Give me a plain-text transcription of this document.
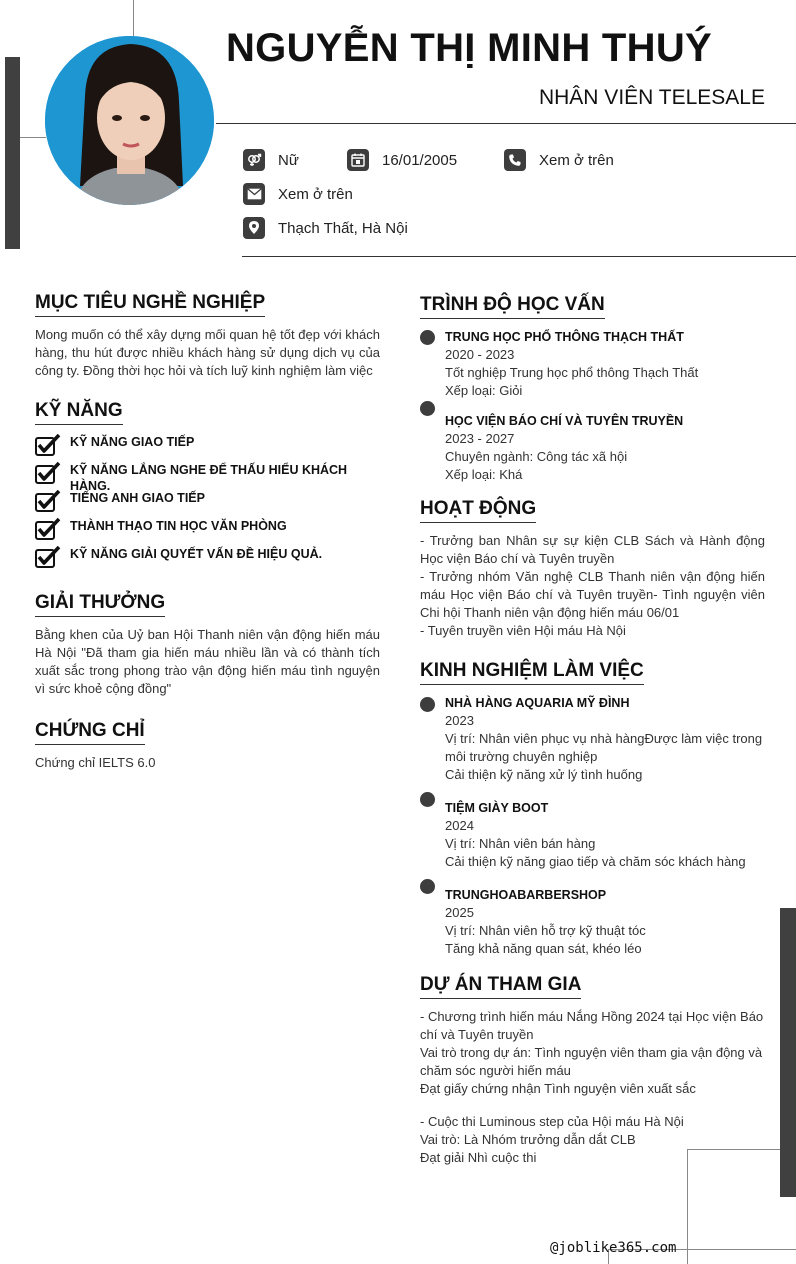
NGUYỄN THỊ MINH THUÝ
NHÂN VIÊN TELESALE
Nữ	16/01/2005	Xem ở trên
Xem ở trên
Thạch Thất, Hà Nội
MỤC TIÊU NGHỀ NGHIỆP
Mong muốn có thể xây dựng mối quan hệ tốt đẹp với khách hàng, thu hút được nhiều khách hàng sử dụng dịch vụ của công ty. Đồng thời học hỏi và tích luỹ kinh nghiệm làm việc
KỸ NĂNG
KỸ NĂNG GIAO TIẾP
KỸ NĂNG LẮNG NGHE ĐỂ THẤU HIỂU KHÁCH HÀNG.
TIẾNG ANH GIAO TIẾP
THÀNH THẠO TIN HỌC VĂN PHÒNG
KỸ NĂNG GIẢI QUYẾT VẤN ĐỀ HIỆU QUẢ.
GIẢI THƯỞNG
Bằng khen của Uỷ ban Hội Thanh niên vận động hiến máu Hà Nội "Đã tham gia hiến máu nhiều lần và có thành tích xuất sắc trong phong trào vận động hiến máu tình nguyện vì sức khoẻ cộng đồng"
CHỨNG CHỈ
Chứng chỉ IELTS 6.0
TRÌNH ĐỘ HỌC VẤN
TRUNG HỌC PHỔ THÔNG THẠCH THẤT
2020 - 2023
Tốt nghiệp Trung học phổ thông Thạch Thất
Xếp loại: Giỏi
HỌC VIỆN BÁO CHÍ VÀ TUYÊN TRUYỀN
2023 - 2027
Chuyên ngành: Công tác xã hội
Xếp loại: Khá
HOẠT ĐỘNG
- Trưởng ban Nhân sự sự kiện CLB Sách và Hành động Học viện Báo chí và Tuyên truyền
- Trưởng nhóm Văn nghệ CLB Thanh niên vận động hiến máu Học viện Báo chí và Tuyên truyền- Tình nguyện viên Chi hội Thanh niên vận động hiến máu 06/01
- Tuyên truyền viên Hội máu Hà Nội
KINH NGHIỆM LÀM VIỆC
NHÀ HÀNG AQUARIA MỸ ĐÌNH
2023
Vị trí: Nhân viên phục vụ nhà hàngĐược làm việc trong môi trường chuyên nghiệp
Cải thiện kỹ năng xử lý tình huống
TIỆM GIÀY BOOT
2024
Vị trí: Nhân viên bán hàng
Cải thiện kỹ năng giao tiếp và chăm sóc khách hàng
TRUNGHOABARBERSHOP
2025
Vị trí: Nhân viên hỗ trợ kỹ thuật tóc
Tăng khả năng quan sát, khéo léo
DỰ ÁN THAM GIA
- Chương trình hiến máu Nắng Hồng 2024 tại Học viện Báo chí và Tuyên truyền
Vai trò trong dự án: Tình nguyện viên tham gia vận động và chăm sóc người hiến máu
Đạt giấy chứng nhận Tình nguyện viên xuất sắc
- Cuộc thi Luminous step của Hội máu Hà Nội
Vai trò: Là Nhóm trưởng dẫn dắt CLB
Đạt giải Nhì cuộc thi
@joblike365.com
